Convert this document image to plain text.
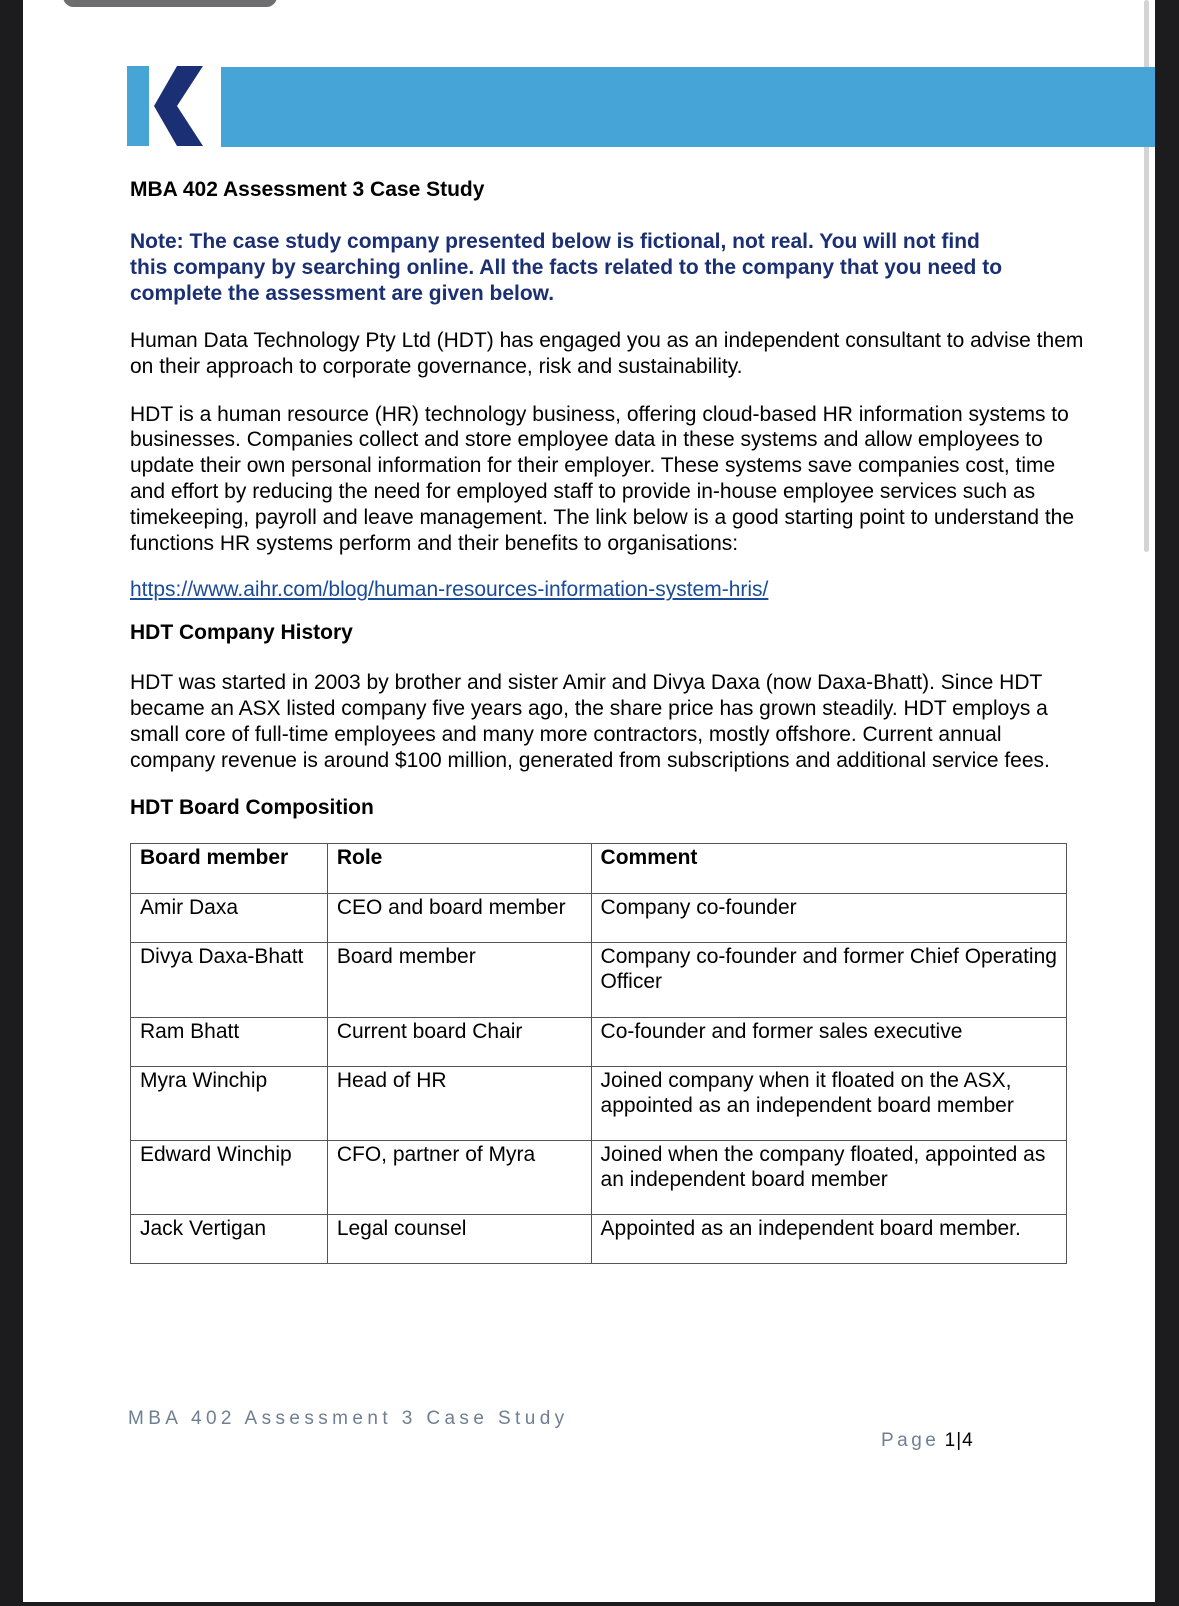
MBA 402 Assessment 3 Case Study
Note: The case study company presented below is fictional, not real. You will not find this company by searching online. All the facts related to the company that you need to complete the assessment are given below.

Human Data Technology Pty Ltd (HDT) has engaged you as an independent consultant to advise them on their approach to corporate governance, risk and sustainability.

HDT is a human resource (HR) technology business, offering cloud-based HR information systems to businesses. Companies collect and store employee data in these systems and allow employees to update their own personal information for their employer. These systems save companies cost, time and effort by reducing the need for employed staff to provide in-house employee services such as timekeeping, payroll and leave management. The link below is a good starting point to understand the functions HR systems perform and their benefits to organisations:

https://www.aihr.com/blog/human-resources-information-system-hris/
HDT Company History

HDT was started in 2003 by brother and sister Amir and Divya Daxa (now Daxa-Bhatt). Since HDT became an ASX listed company five years ago, the share price has grown steadily. HDT employs a small core of full-time employees and many more contractors, mostly offshore. Current annual company revenue is around $100 million, generated from subscriptions and additional service fees.

HDT Board Composition
Board member	Role	Comment
Amir Daxa	CEO and board member	Company co-founder
Divya Daxa-Bhatt	Board member	Company co-founder and former Chief Operating Officer
Ram Bhatt	Current board Chair	Co-founder and former sales executive
Myra Winchip	Head of HR	Joined company when it floated on the ASX, appointed as an independent board member
Edward Winchip	CFO, partner of Myra	Joined when the company floated, appointed as an independent board member
Jack Vertigan	Legal counsel	Appointed as an independent board member.
MBA 402 Assessment 3 Case Study
Page 1|4
